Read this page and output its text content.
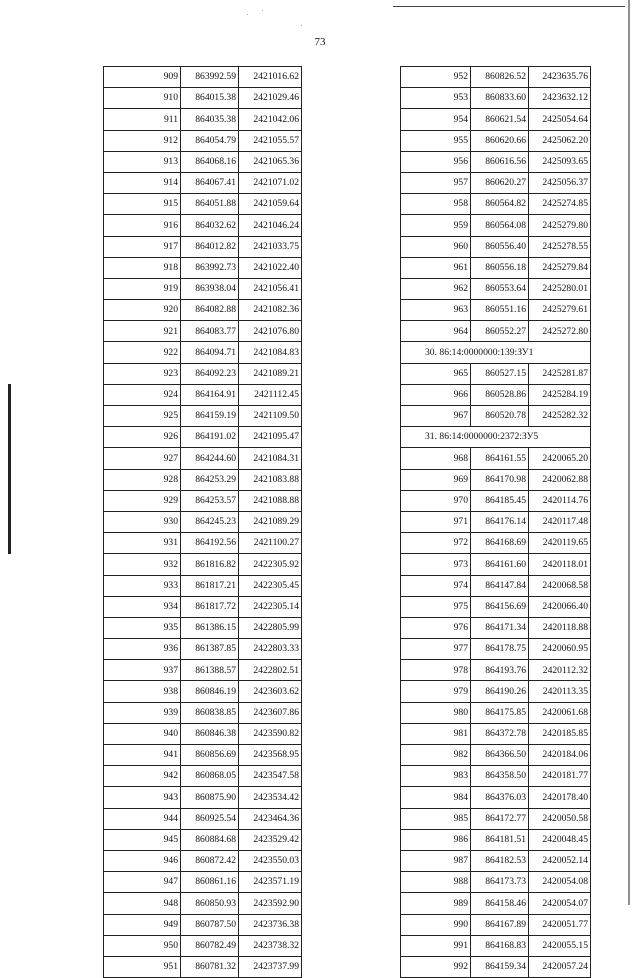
73
909	863992.59	2421016.62
910	864015.38	2421029.46
911	864035.38	2421042.06
912	864054.79	2421055.57
913	864068.16	2421065.36
914	864067.41	2421071.02
915	864051.88	2421059.64
916	864032.62	2421046.24
917	864012.82	2421033.75
918	863992.73	2421022.40
919	863938.04	2421056.41
920	864082.88	2421082.36
921	864083.77	2421076.80
922	864094.71	2421084.83
923	864092.23	2421089.21
924	864164.91	2421112.45
925	864159.19	2421109.50
926	864191.02	2421095.47
927	864244.60	2421084.31
928	864253.29	2421083.88
929	864253.57	2421088.88
930	864245.23	2421089.29
931	864192.56	2421100.27
932	861816.82	2422305.92
933	861817.21	2422305.45
934	861817.72	2422305.14
935	861386.15	2422805.99
936	861387.85	2422803.33
937	861388.57	2422802.51
938	860846.19	2423603.62
939	860838.85	2423607.86
940	860846.38	2423590.82
941	860856.69	2423568.95
942	860868.05	2423547.58
943	860875.90	2423534.42
944	860925.54	2423464.36
945	860884.68	2423529.42
946	860872.42	2423550.03
947	860861.16	2423571.19
948	860850.93	2423592.90
949	860787.50	2423736.38
950	860782.49	2423738.32
951	860781.32	2423737.99
952	860826.52	2423635.76
953	860833.60	2423632.12
954	860621.54	2425054.64
955	860620.66	2425062.20
956	860616.56	2425093.65
957	860620.27	2425056.37
958	860564.82	2425274.85
959	860564.08	2425279.80
960	860556.40	2425278.55
961	860556.18	2425279.84
962	860553.64	2425280.01
963	860551.16	2425279.61
964	860552.27	2425272.80
30. 86:14:0000000:139:ЗУ1		
965	860527.15	2425281.87
966	860528.86	2425284.19
967	860520.78	2425282.32
31. 86:14:0000000:2372:ЗУ5		
968	864161.55	2420065.20
969	864170.98	2420062.88
970	864185.45	2420114.76
971	864176.14	2420117.48
972	864168.69	2420119.65
973	864161.60	2420118.01
974	864147.84	2420068.58
975	864156.69	2420066.40
976	864171.34	2420118.88
977	864178.75	2420060.95
978	864193.76	2420112.32
979	864190.26	2420113.35
980	864175.85	2420061.68
981	864372.78	2420185.85
982	864366.50	2420184.06
983	864358.50	2420181.77
984	864376.03	2420178.40
985	864172.77	2420050.58
986	864181.51	2420048.45
987	864182.53	2420052.14
988	864173.73	2420054.08
989	864158.46	2420054.07
990	864167.89	2420051.77
991	864168.83	2420055.15
992	864159.34	2420057.24
